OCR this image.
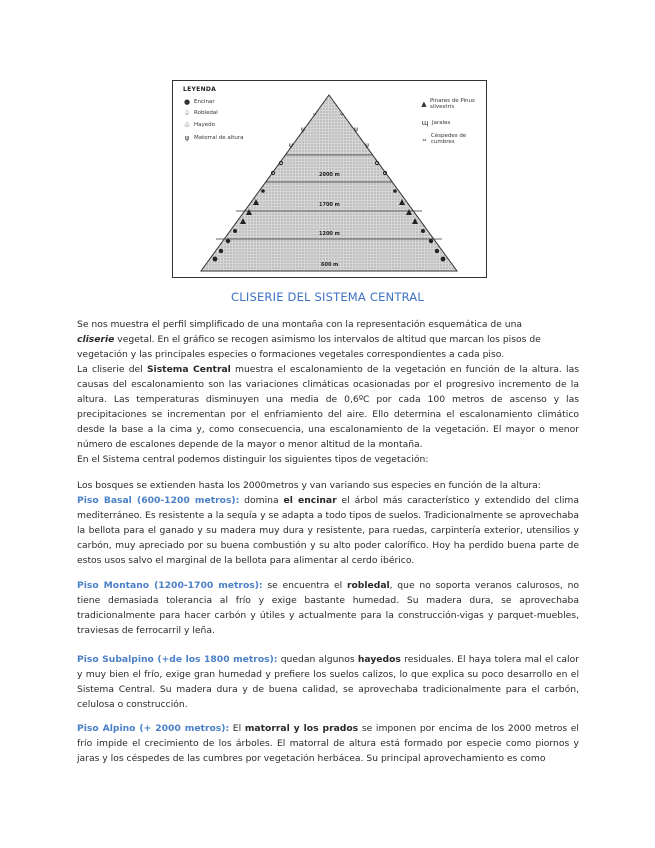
ψ	ψ
ψ	ψ
ᴗ	ᴗ
LEYENDA
● Encinar
♤ Robledal
♧ Hayedo
ψ Matorral de altura
▲ Pinares de Pinus silvestris
ɰ Jarales
ᴗ Céspedes de cumbres
2000 m
1700 m
1200 m
600 m
CLISERIE DEL SISTEMA CENTRAL

Se nos muestra el perfil simplificado de una montaña con la representación esquemática de una

cliserie vegetal. En el gráfico se recogen asimismo los intervalos de altitud que marcan los pisos de

vegetación y las principales especies o formaciones vegetales correspondientes a cada piso.

La cliserie del Sistema Central muestra el escalonamiento de la vegetación en función de la altura. las causas del escalonamiento son las variaciones climáticas ocasionadas por el progresivo incremento de la altura. Las temperaturas disminuyen una media de 0,6ºC por cada 100 metros de ascenso y las precipitaciones se incrementan por el enfriamiento del aire. Ello determina el escalonamiento climático desde la base a la cima y, como consecuencia, una escalonamiento de la vegetación. El mayor o menor número de escalones depende de la mayor o menor altitud de la montaña.

En el Sistema central podemos distinguir los siguientes tipos de vegetación:

Los bosques se extienden hasta los 2000metros y van variando sus especies en función de la altura:

Piso Basal (600-1200 metros): domina el encinar el árbol más característico y extendido del clima mediterráneo. Es resistente a la sequía y se adapta a todo tipos de suelos. Tradicionalmente se aprovechaba la bellota para el ganado y su madera muy dura y resistente, para ruedas, carpintería exterior, utensilios y carbón, muy apreciado por su buena combustión y su alto poder calorífico. Hoy ha perdido buena parte de estos usos salvo el marginal de la bellota para alimentar al cerdo ibérico.

Piso Montano (1200-1700 metros): se encuentra el robledal, que no soporta veranos calurosos, no tiene demasiada tolerancia al frío y exige bastante humedad. Su madera dura, se aprovechaba tradicionalmente para hacer carbón y útiles y actualmente para la construcción-vigas y parquet-muebles, traviesas de ferrocarril y leña.

Piso Subalpino (+de los 1800 metros): quedan algunos hayedos residuales. El haya tolera mal el calor y muy bien el frío, exige gran humedad y prefiere los suelos calizos, lo que explica su poco desarrollo en el Sistema Central. Su madera dura y de buena calidad, se aprovechaba tradicionalmente para el carbón, celulosa o construcción.

Piso Alpino (+ 2000 metros): El matorral y los prados se imponen por encima de los 2000 metros el frío impide el crecimiento de los árboles. El matorral de altura está formado por especie como piornos y jaras y los céspedes de las cumbres por vegetación herbácea. Su principal aprovechamiento es como
